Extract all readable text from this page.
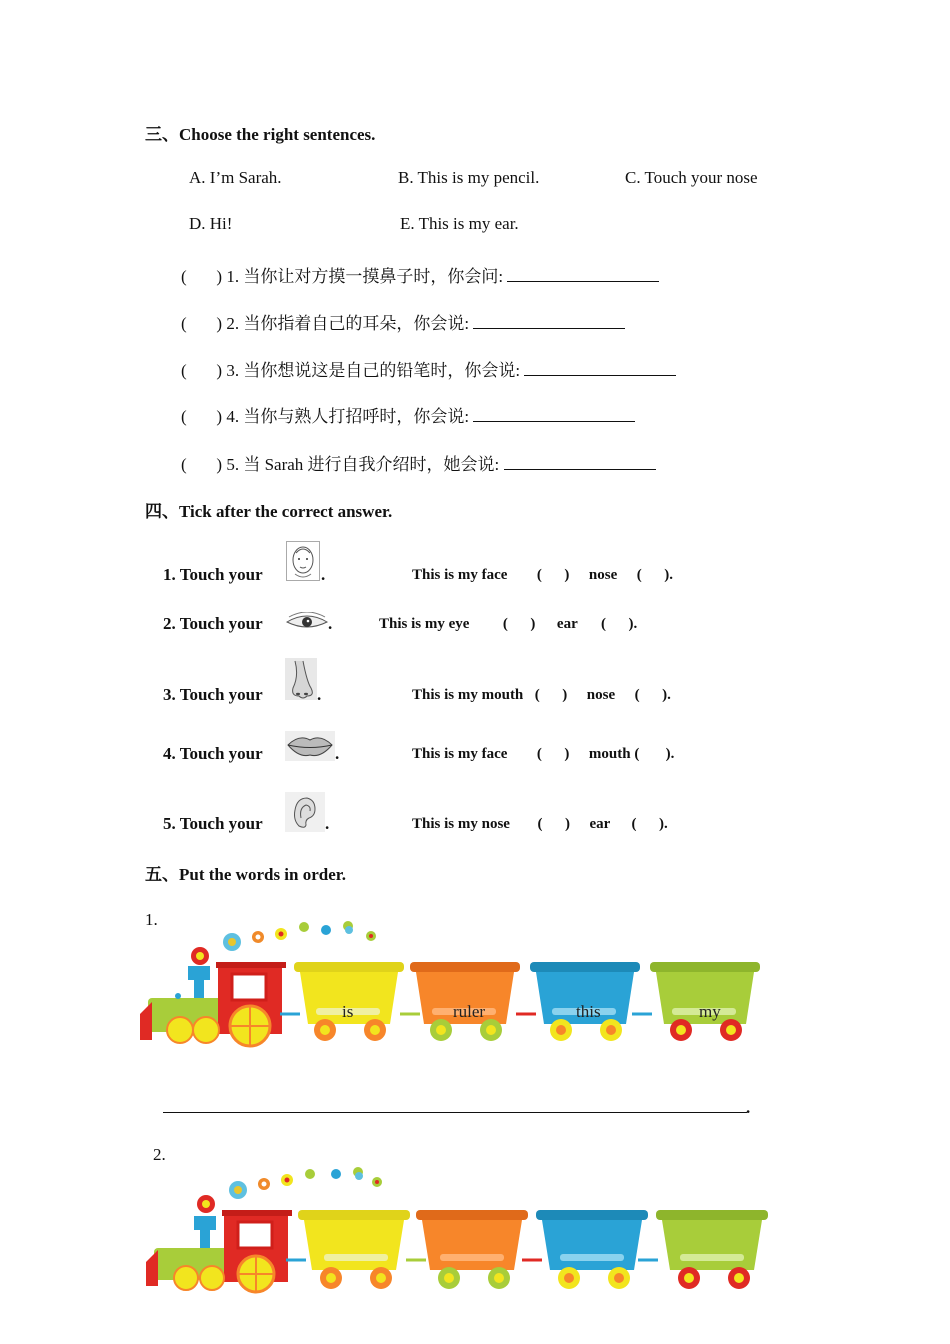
三、Choose the right sentences.
A. I’m Sarah.	B. This is my pencil.	C. Touch your nose
D. Hi!	E. This is my ear.
(       ) 1. 当你让对方摸一摸鼻子时，你会问:
(       ) 2. 当你指着自己的耳朵，你会说:
(       ) 3. 当你想说这是自己的铅笔时，你会说:
(       ) 4. 当你与熟人打招呼时，你会说:
(       ) 5. 当 Sarah 进行自我介绍时，她会说:
四、Tick after the correct answer.
1. Touch your	.	This is my face (      ) nose (      ).
2. Touch your	.	This is my eye (      ) ear (      ).
3. Touch your	.	This is my mouth (      ) nose (      ).
4. Touch your	.	This is my face (      ) mouth (       ).
5. Touch your	.	This is my nose (      ) ear (      ).
五、Put the words in order.
1.
is	ruler	this	my
.
2.
